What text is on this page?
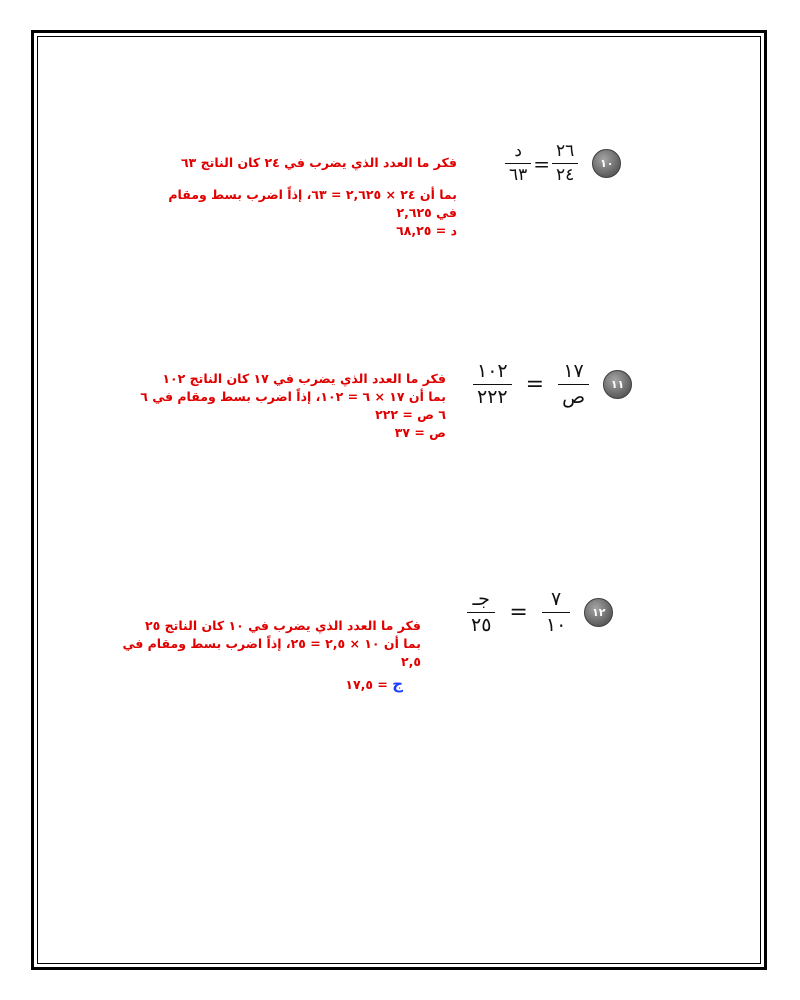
$\frac{\text{د}}{٦٣} = \frac{٢٦}{٢٤}$	١٠
فكر ما العدد الذي يضرب في ٢٤ كان الناتج ٦٣
بما أن ٢٤ × ٢,٦٢٥ = ٦٣، إذاً اضرب بسط ومقام
في ٢,٦٢٥
د = ٦٨,٢٥
$\frac{١٠٢}{٢٢٢} = \frac{١٧}{\text{ص}}$	١١
فكر ما العدد الذي يضرب في ١٧ كان الناتج ١٠٢
بما أن ١٧ × ٦ = ١٠٢، إذاً اضرب بسط ومقام في ٦
٦ ص = ٢٢٢
ص = ٣٧
$\frac{\text{جـ}}{٢٥} = \frac{٧}{١٠}$	١٢
فكر ما العدد الذي يضرب في ١٠ كان الناتج ٢٥
بما أن ١٠ × ٢,٥ = ٢٥، إذاً اضرب بسط ومقام في
٢,٥
ج = ١٧,٥
